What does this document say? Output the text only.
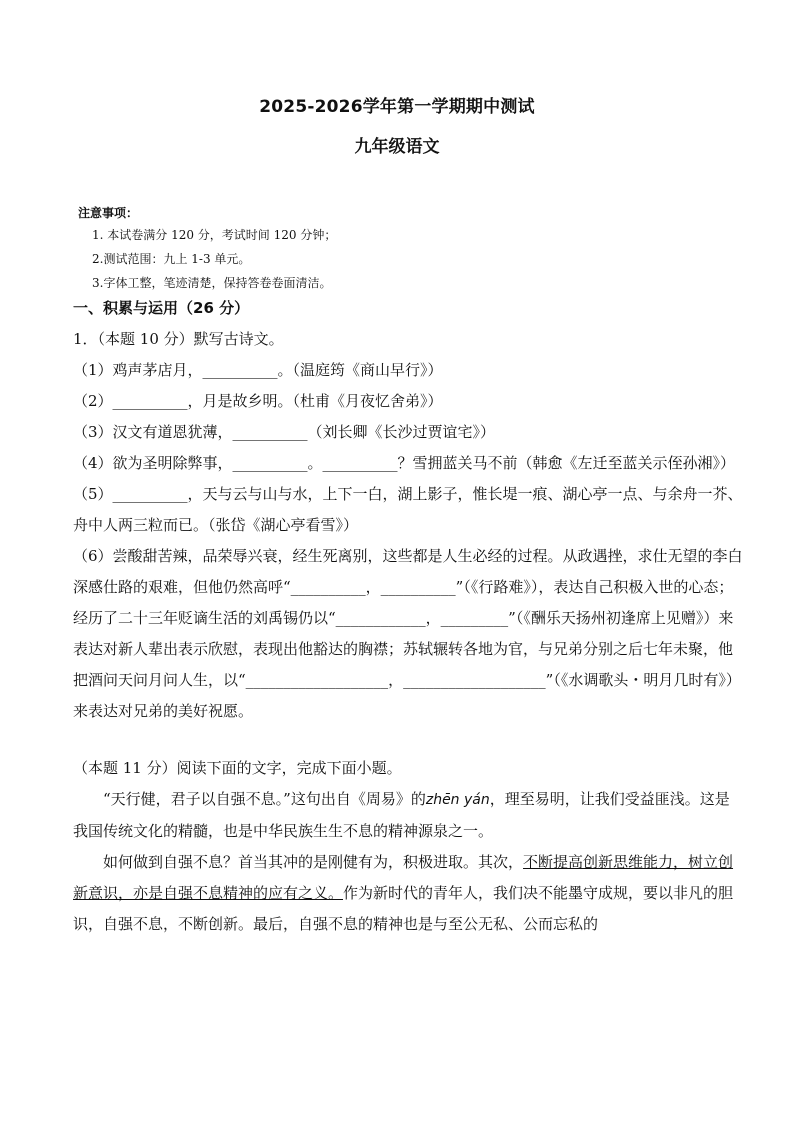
2025-2026学年第一学期期中测试
九年级语文
注意事项：
1. 本试卷满分 120 分，考试时间 120 分钟；
2.测试范围：九上 1-3 单元。
3.字体工整，笔迹清楚，保持答卷卷面清洁。
一、积累与运用（26 分）
1．（本题 10 分）默写古诗文。
（1）鸡声茅店月，__________。（温庭筠《商山早行》）
（2）__________，月是故乡明。（杜甫《月夜忆舍弟》）
（3）汉文有道恩犹薄，__________（刘长卿《长沙过贾谊宅》）
（4）欲为圣明除弊事，__________。__________？雪拥蓝关马不前（韩愈《左迁至蓝关示侄孙湘》）
（5）__________，天与云与山与水，上下一白，湖上影子，惟长堤一痕、湖心亭一点、与余舟一芥、舟中人两三粒而已。（张岱《湖心亭看雪》）
（6）尝酸甜苦辣，品荣辱兴衰，经生死离别，这些都是人生必经的过程。从政遇挫，求仕无望的李白深感仕路的艰难，但他仍然高呼“__________，__________”（《行路难》），表达自己积极入世的心态；经历了二十三年贬谪生活的刘禹锡仍以“____________，_________”（《酬乐天扬州初逢席上见赠》）来表达对新人辈出表示欣慰，表现出他豁达的胸襟；苏轼辗转各地为官，与兄弟分别之后七年未聚，他把酒问天问月问人生，以“___________________，___________________”（《水调歌头・明月几时有》）来表达对兄弟的美好祝愿。
（本题 11 分）阅读下面的文字，完成下面小题。
“天行健，君子以自强不息。”这句出自《周易》的zhēn yán，理至易明，让我们受益匪浅。这是我国传统文化的精髓，也是中华民族生生不息的精神源泉之一。
如何做到自强不息？首当其冲的是刚健有为，积极进取。其次，不断提高创新思维能力，树立创新意识，亦是自强不息精神的应有之义。作为新时代的青年人，我们决不能墨守成规，要以非凡的胆识，自强不息，不断创新。最后，自强不息的精神也是与至公无私、公而忘私的
